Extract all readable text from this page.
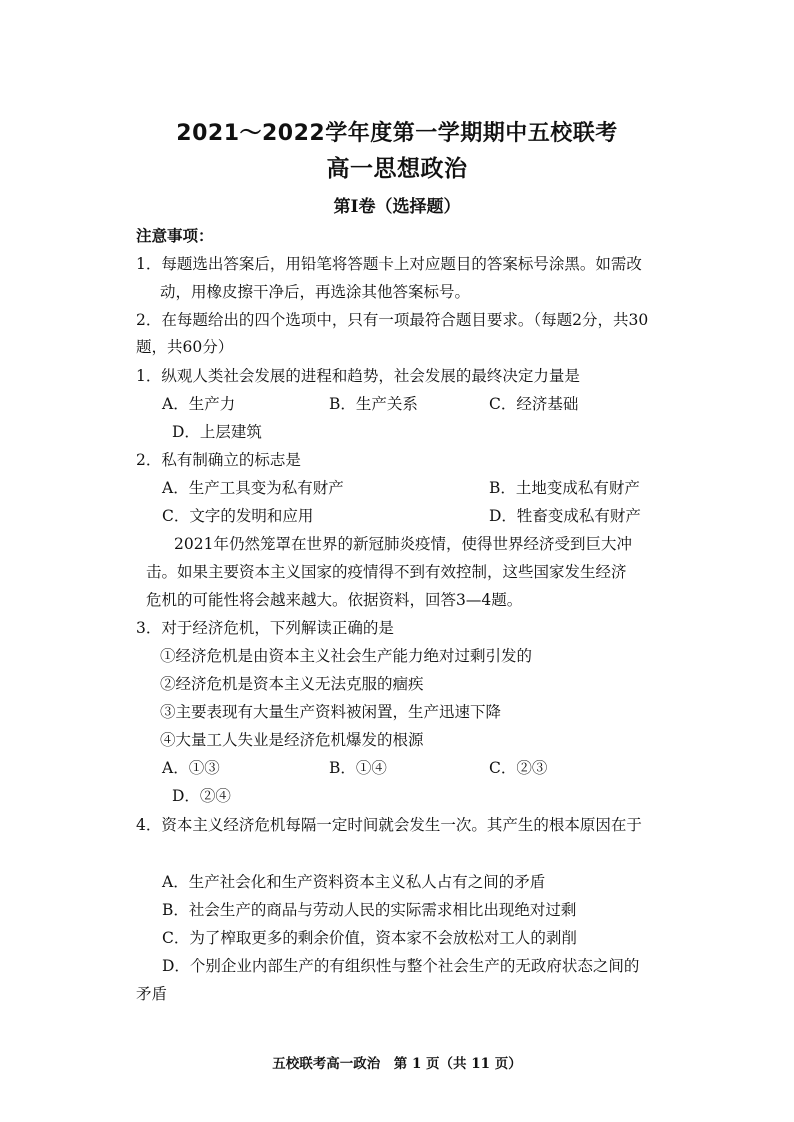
2021～2022学年度第一学期期中五校联考
高一思想政治
第Ⅰ卷（选择题）
注意事项：
1．每题选出答案后，用铅笔将答题卡上对应题目的答案标号涂黑。如需改
动，用橡皮擦干净后，再选涂其他答案标号。
2．在每题给出的四个选项中，只有一项最符合题目要求。（每题2分，共30
题，共60分）
1．纵观人类社会发展的进程和趋势，社会发展的最终决定力量是
A．生产力	B．生产关系	C．经济基础
D．上层建筑
2．私有制确立的标志是
A．生产工具变为私有财产	B．土地变成私有财产
C．文字的发明和应用	D．牲畜变成私有财产
2021年仍然笼罩在世界的新冠肺炎疫情，使得世界经济受到巨大冲
击。如果主要资本主义国家的疫情得不到有效控制，这些国家发生经济
危机的可能性将会越来越大。依据资料，回答3—4题。
3．对于经济危机，下列解读正确的是
①经济危机是由资本主义社会生产能力绝对过剩引发的
②经济危机是资本主义无法克服的痼疾
③主要表现有大量生产资料被闲置，生产迅速下降
④大量工人失业是经济危机爆发的根源
A．①③	B．①④	C．②③
D．②④
4．资本主义经济危机每隔一定时间就会发生一次。其产生的根本原因在于
A．生产社会化和生产资料资本主义私人占有之间的矛盾
B．社会生产的商品与劳动人民的实际需求相比出现绝对过剩
C．为了榨取更多的剩余价值，资本家不会放松对工人的剥削
D．个别企业内部生产的有组织性与整个社会生产的无政府状态之间的
矛盾
五校联考高一政治　第 1 页（共 11 页）
